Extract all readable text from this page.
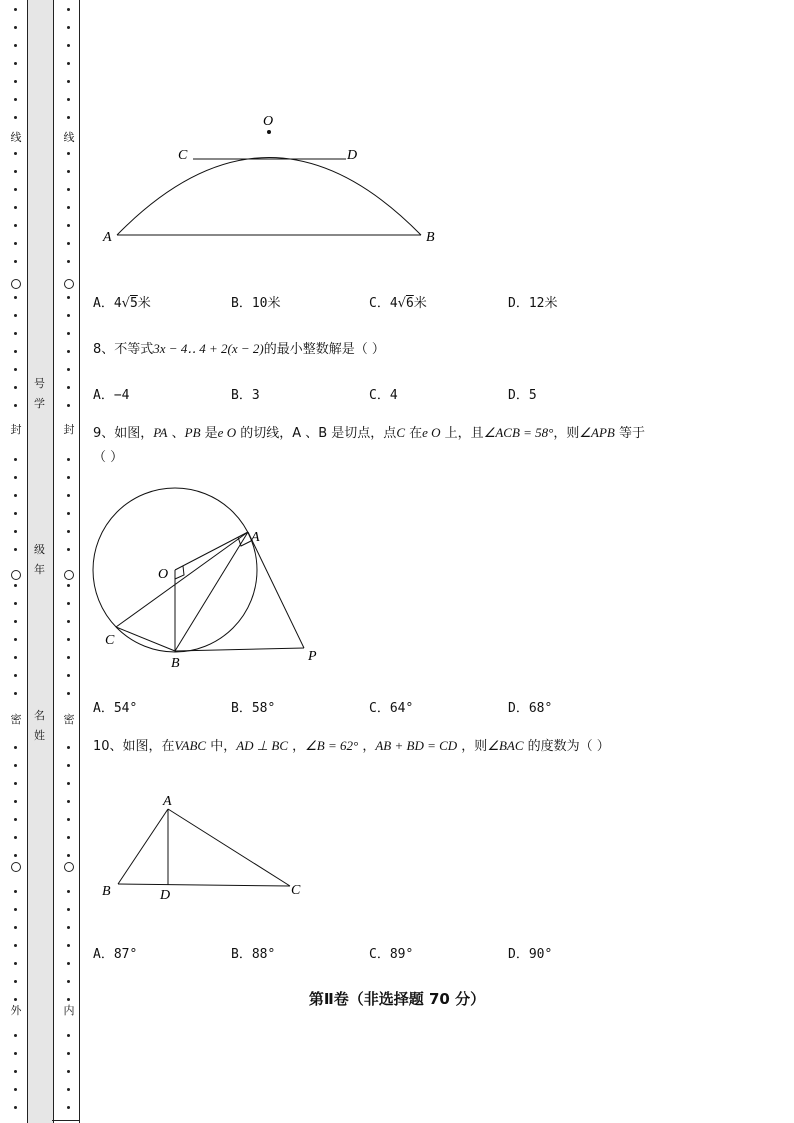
线
封
密
外
线
封
密
内
号
学
级
年
名
姓
O
C	D
A	B
A．4√5米	B．10米	C．4√6米	D．12米
8、不等式3x − 4‥ 4 + 2(x − 2)的最小整数解是（ ）
A．−4	B．3	C．4	D．5
9、如图，PA 、PB 是e O 的切线，A 、B 是切点，点C 在e O 上，且∠ACB = 58°，则∠APB 等于
（ ）
O
A
C
B	P
A．54°	B．58°	C．64°	D．68°
10、如图，在VABC 中，AD ⊥ BC ，∠B = 62° ，AB + BD = CD ，则∠BAC 的度数为（ ）
A
B	D	C
A．87°	B．88°	C．89°	D．90°
第Ⅱ卷（非选择题 70 分）
